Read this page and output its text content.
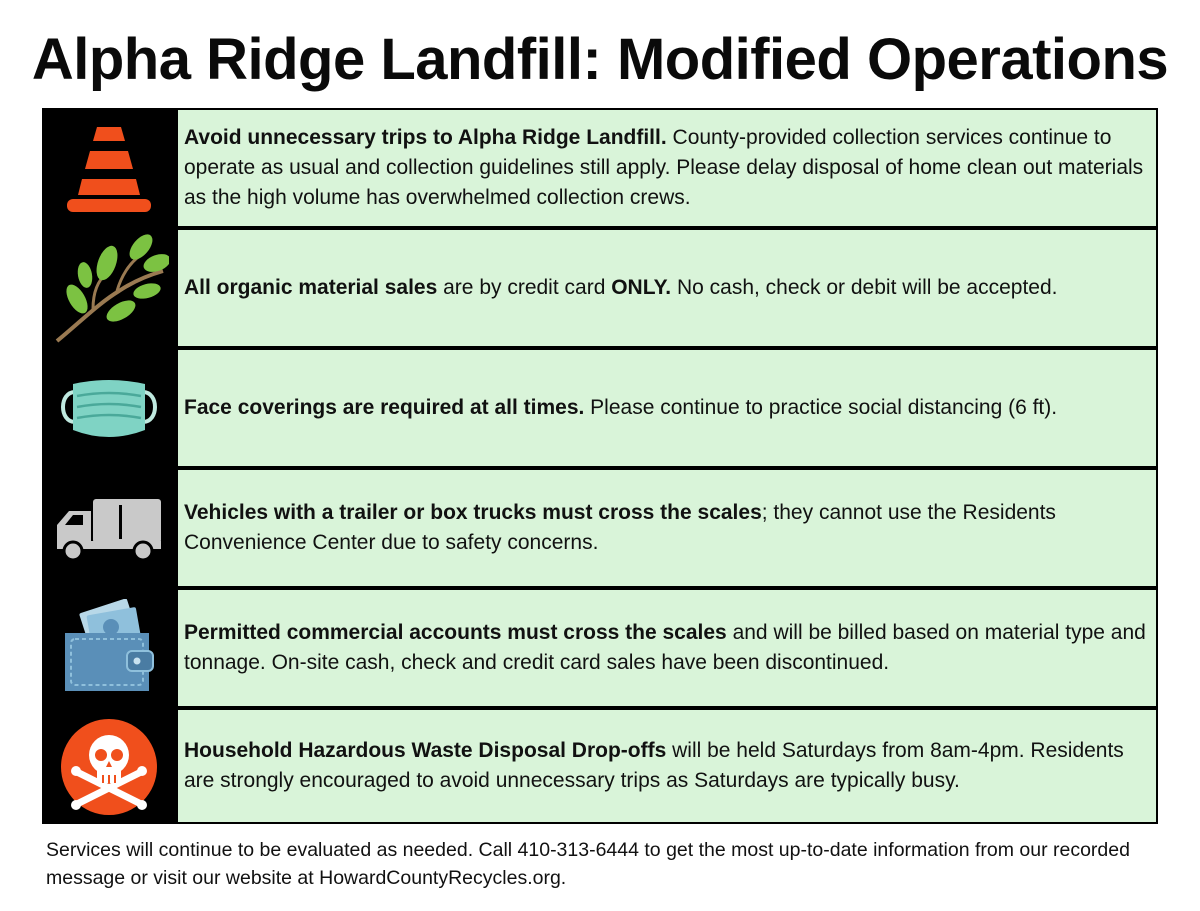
Alpha Ridge Landfill: Modified Operations
Avoid unnecessary trips to Alpha Ridge Landfill. County-provided collection services continue to operate as usual and collection guidelines still apply. Please delay disposal of home clean out materials as the high volume has overwhelmed collection crews.
All organic material sales are by credit card ONLY. No cash, check or debit will be accepted.
Face coverings are required at all times. Please continue to practice social distancing (6 ft).
Vehicles with a trailer or box trucks must cross the scales; they cannot use the Residents Convenience Center due to safety concerns.
Permitted commercial accounts must cross the scales and will be billed based on material type and tonnage. On-site cash, check and credit card sales have been discontinued.
Household Hazardous Waste Disposal Drop-offs will be held Saturdays from 8am-4pm. Residents are strongly encouraged to avoid unnecessary trips as Saturdays are typically busy.
Services will continue to be evaluated as needed. Call 410-313-6444 to get the most up-to-date information from our recorded message or visit our website at HowardCountyRecycles.org.
